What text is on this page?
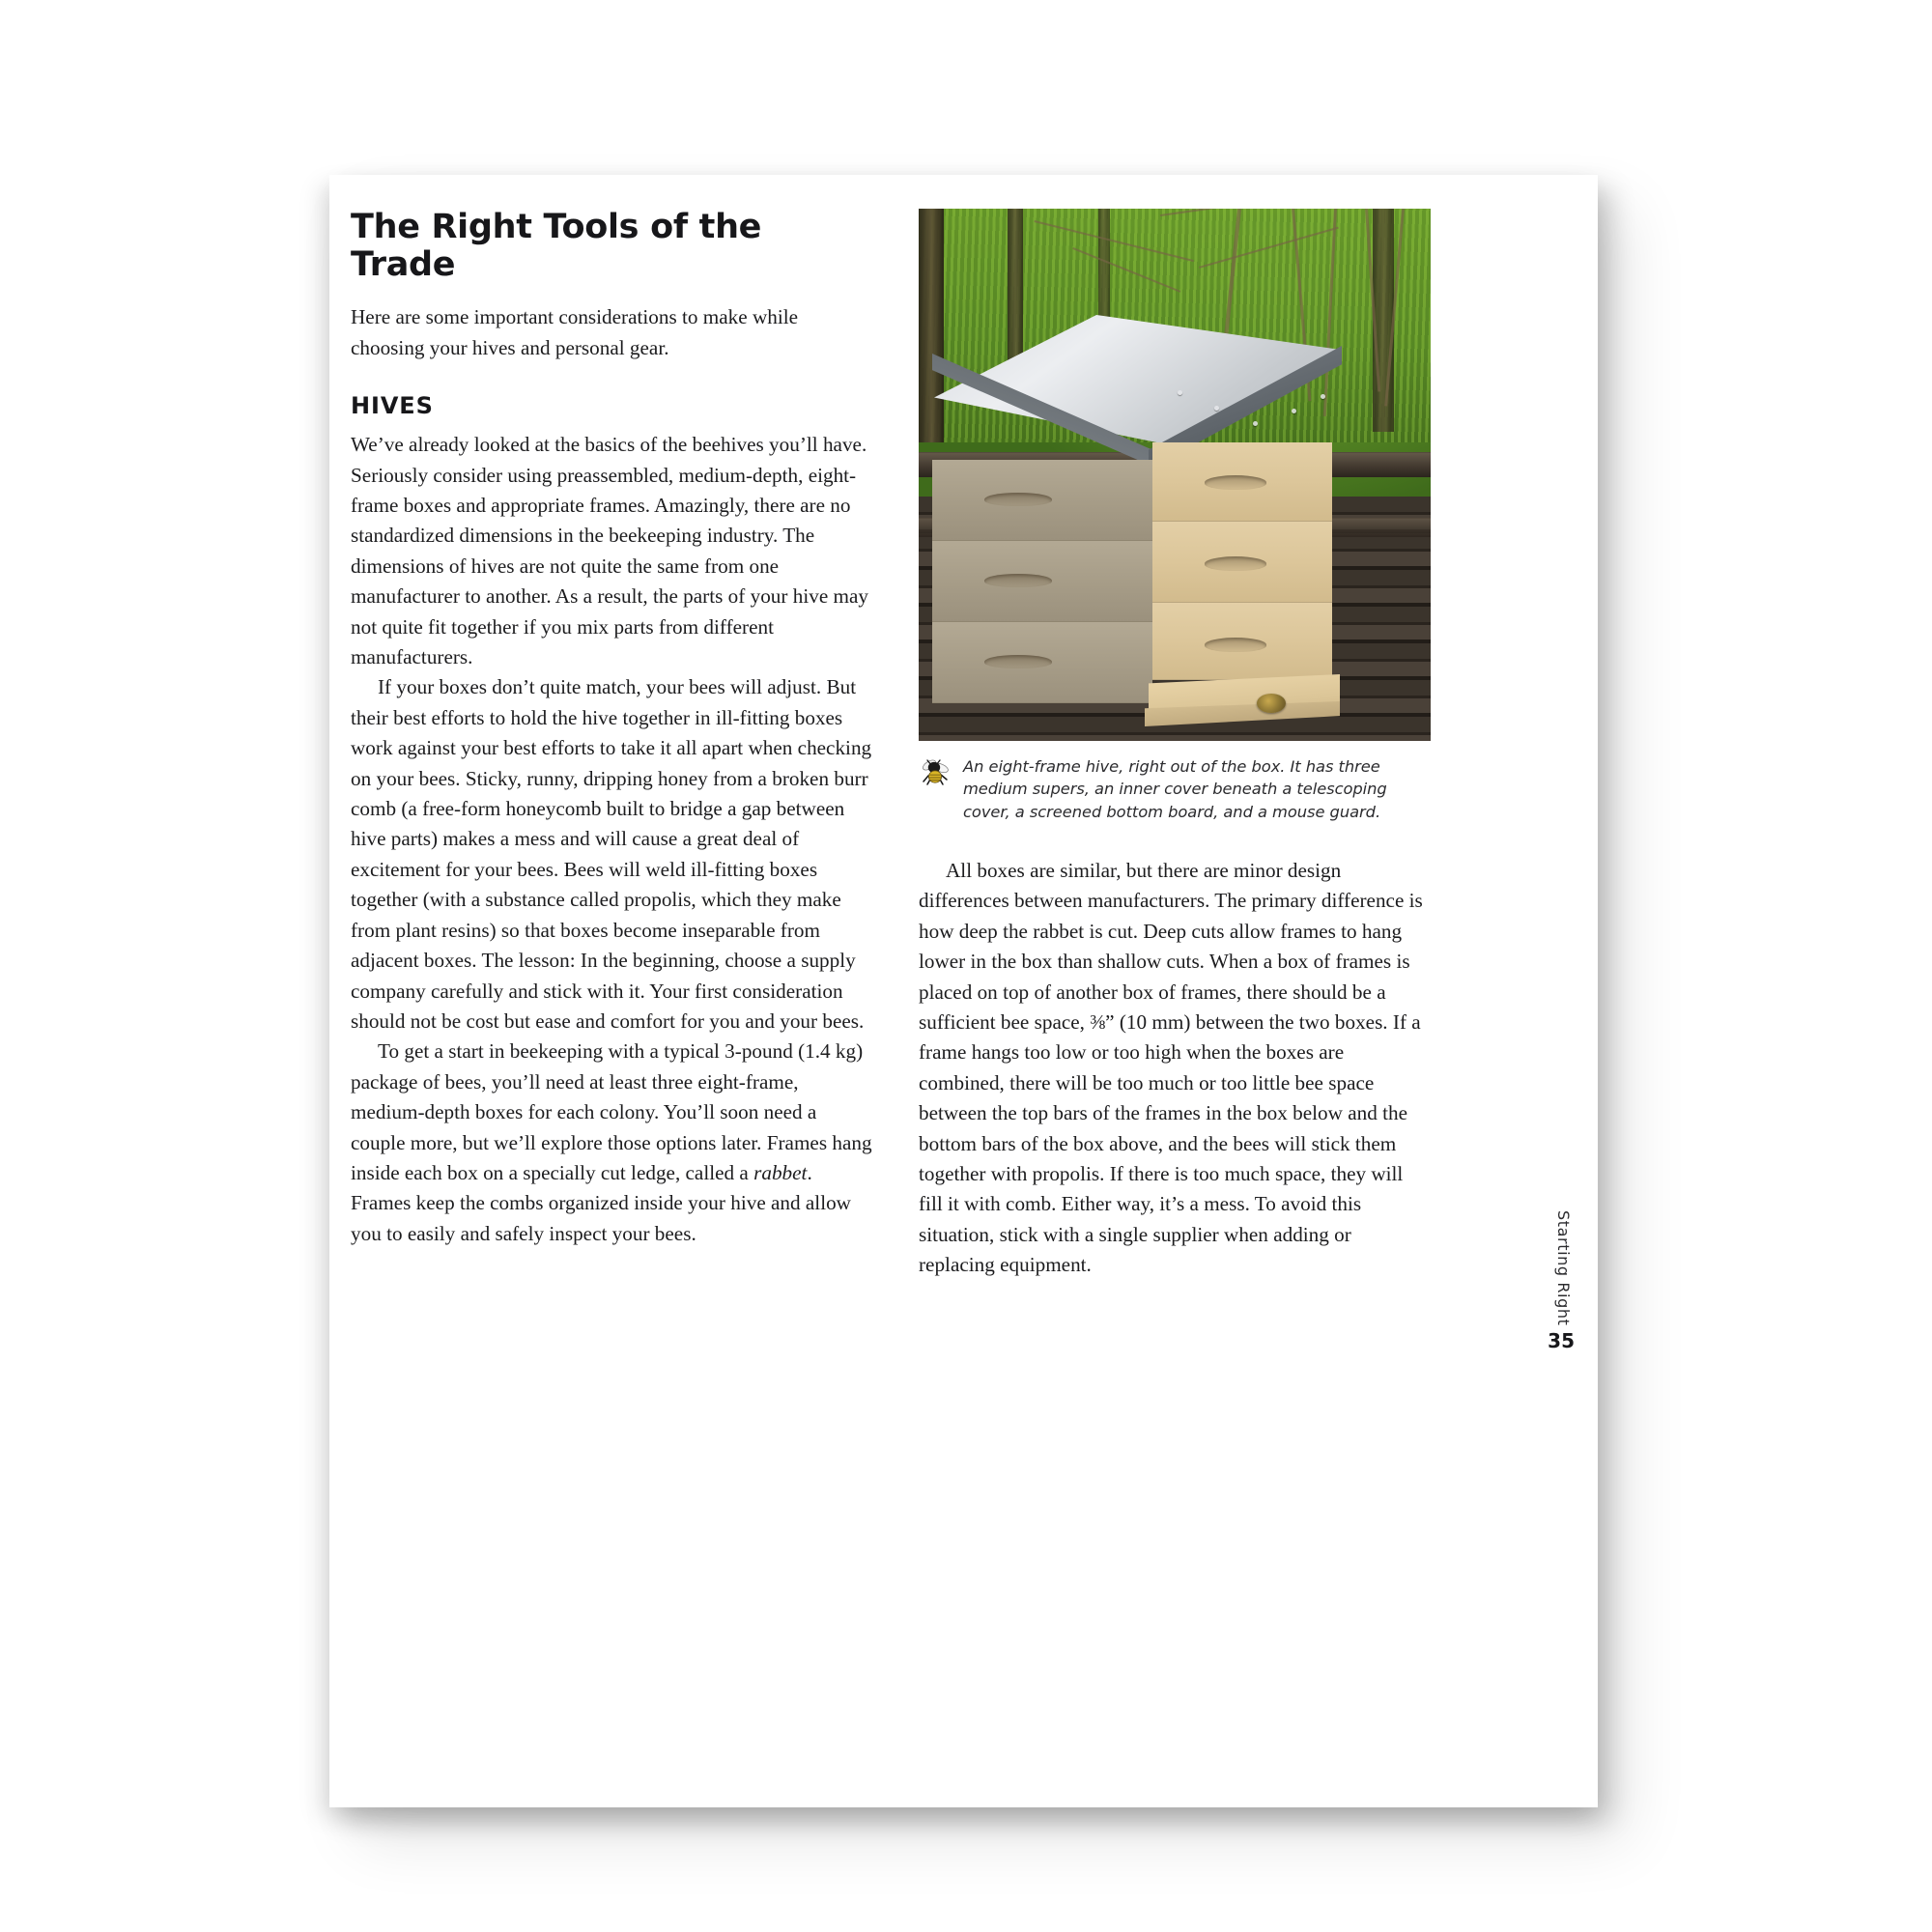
The Right Tools of the Trade

Here are some important considerations to make while choosing your hives and personal gear.

HIVES

We’ve already looked at the basics of the beehives you’ll have. Seriously consider using preassembled, medium-depth, eight-frame boxes and appropriate frames. Amazingly, there are no standardized dimensions in the beekeeping industry. The dimensions of hives are not quite the same from one manufacturer to another. As a result, the parts of your hive may not quite fit together if you mix parts from different manufacturers.

If your boxes don’t quite match, your bees will adjust. But their best efforts to hold the hive together in ill-fitting boxes work against your best efforts to take it all apart when checking on your bees. Sticky, runny, dripping honey from a broken burr comb (a free-form honeycomb built to bridge a gap between hive parts) makes a mess and will cause a great deal of excitement for your bees. Bees will weld ill-fitting boxes together (with a substance called propolis, which they make from plant resins) so that boxes become inseparable from adjacent boxes. The lesson: In the beginning, choose a supply company carefully and stick with it. Your first consideration should not be cost but ease and comfort for you and your bees.

To get a start in beekeeping with a typical 3-pound (1.4 kg) package of bees, you’ll need at least three eight-frame, medium-depth boxes for each colony. You’ll soon need a couple more, but we’ll explore those options later. Frames hang inside each box on a specially cut ledge, called a rabbet. Frames keep the combs organized inside your hive and allow you to easily and safely inspect your bees.

An eight-frame hive, right out of the box. It has three medium supers, an inner cover beneath a telescoping cover, a screened bottom board, and a mouse guard.

All boxes are similar, but there are minor design differences between manufacturers. The primary difference is how deep the rabbet is cut. Deep cuts allow frames to hang lower in the box than shallow cuts. When a box of frames is placed on top of another box of frames, there should be a sufficient bee space, ⅜” (10 mm) between the two boxes. If a frame hangs too low or too high when the boxes are combined, there will be too much or too little bee space between the top bars of the frames in the box below and the bottom bars of the box above, and the bees will stick them together with propolis. If there is too much space, they will fill it with comb. Either way, it’s a mess. To avoid this situation, stick with a single supplier when adding or replacing equipment.	Starting Right
35
